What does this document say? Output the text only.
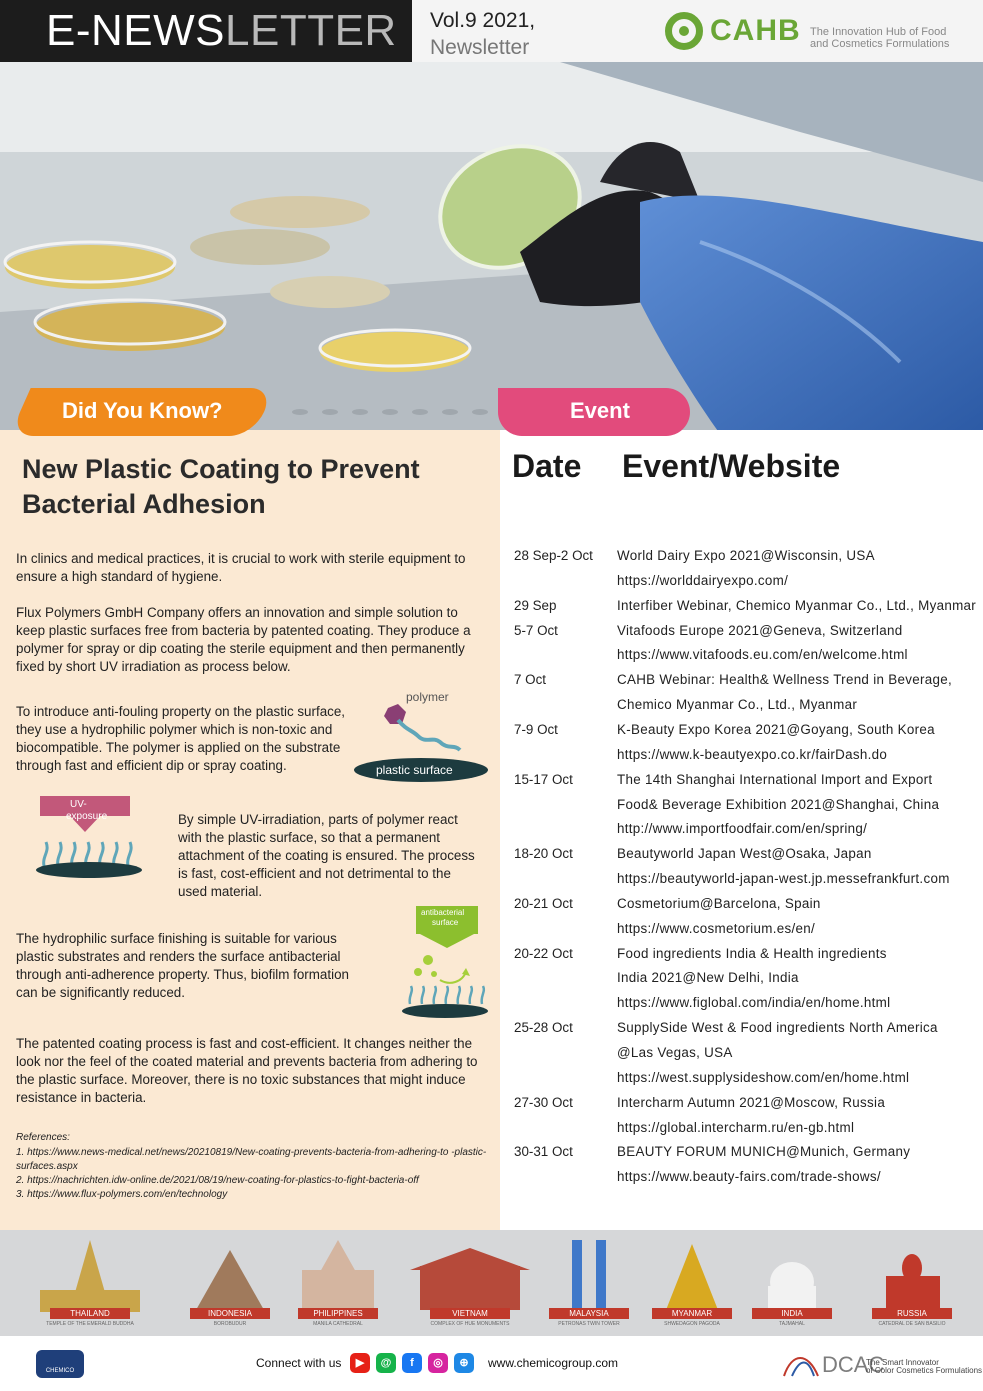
E-NEWSLETTER Vol.9 2021,
Newsletter
CAHB The Innovation Hub of Food
and Cosmetics Formulations
Did You Know?	Event
New Plastic Coating to Prevent Bacterial Adhesion
In clinics and medical practices, it is crucial to work with sterile equipment to ensure a high standard of hygiene.
Flux Polymers GmbH Company offers an innovation and simple solution to keep plastic surfaces free from bacteria by patented coating. They produce a polymer for spray or dip coating the sterile equipment and then permanently fixed by short UV irradiation as process below.
To introduce anti-fouling property on the plastic surface, they use a hydrophilic polymer which is non-toxic and biocompatible. The polymer is applied on the substrate through fast and efficient dip or spray coating.
By simple UV-irradiation, parts of polymer react with the plastic surface, so that a permanent attachment of the coating is ensured. The process is fast, cost-efficient and not detrimental to the used material.
The hydrophilic surface finishing is suitable for various plastic substrates and renders the surface antibacterial through anti-adherence property. Thus, biofilm formation can be significantly reduced.
The patented coating process is fast and cost-efficient. It changes neither the look nor the feel of the coated material and prevents bacteria from adhering to the plastic surface. Moreover, there is no toxic substances that might induce resistance in bacteria.
polymer
plastic surface
UV-
exposure
antibacterial
surface
References:
1. https://www.news-medical.net/news/20210819/New-coating-prevents-bacteria-from-adhering-to -plastic- surfaces.aspx
2. https://nachrichten.idw-online.de/2021/08/19/new-coating-for-plastics-to-fight-bacteria-off
3. https://www.flux-polymers.com/en/technology
Date Event/Website
28 Sep-2 Oct World Dairy Expo 2021@Wisconsin, USA
https://worlddairyexpo.com/
29 Sep	Interfiber Webinar, Chemico Myanmar Co., Ltd., Myanmar
5-7 Oct	Vitafoods Europe 2021@Geneva, Switzerland
https://www.vitafoods.eu.com/en/welcome.html
7 Oct	CAHB Webinar: Health& Wellness Trend in Beverage,
Chemico Myanmar Co., Ltd., Myanmar
7-9 Oct	K-Beauty Expo Korea 2021@Goyang, South Korea
https://www.k-beautyexpo.co.kr/fairDash.do
15-17 Oct	The 14th Shanghai International Import and Export
Food& Beverage Exhibition 2021@Shanghai, China
http://www.importfoodfair.com/en/spring/
18-20 Oct	Beautyworld Japan West@Osaka, Japan
https://beautyworld-japan-west.jp.messefrankfurt.com
20-21 Oct	Cosmetorium@Barcelona, Spain
https://www.cosmetorium.es/en/
20-22 Oct	Food ingredients India & Health ingredients
India 2021@New Delhi, India
https://www.figlobal.com/india/en/home.html
25-28 Oct	SupplySide West & Food ingredients North America
@Las Vegas, USA
https://west.supplysideshow.com/en/home.html
27-30 Oct	Intercharm Autumn 2021@Moscow, Russia
https://global.intercharm.ru/en-gb.html
30-31 Oct	BEAUTY FORUM MUNICH@Munich, Germany
https://www.beauty-fairs.com/trade-shows/
THAILAND
TEMPLE OF THE EMERALD BUDDHA
INDONESIA
BOROBUDUR
PHILIPPINES
MANILA CATHEDRAL
VIETNAM
COMPLEX OF HUE MONUMENTS
MALAYSIA
PETRONAS TWIN TOWER
MYANMAR
SHWEDAGON PAGODA
INDIA
TAJMAHAL
RUSSIA
CATEDRAL DE SAN BASILIO
CHEMICO
Connect with us	▶	@	f	◎	⊕	www.chemicogroup.com	DCAC
The Smart Innovator
of Color Cosmetics Formulations
